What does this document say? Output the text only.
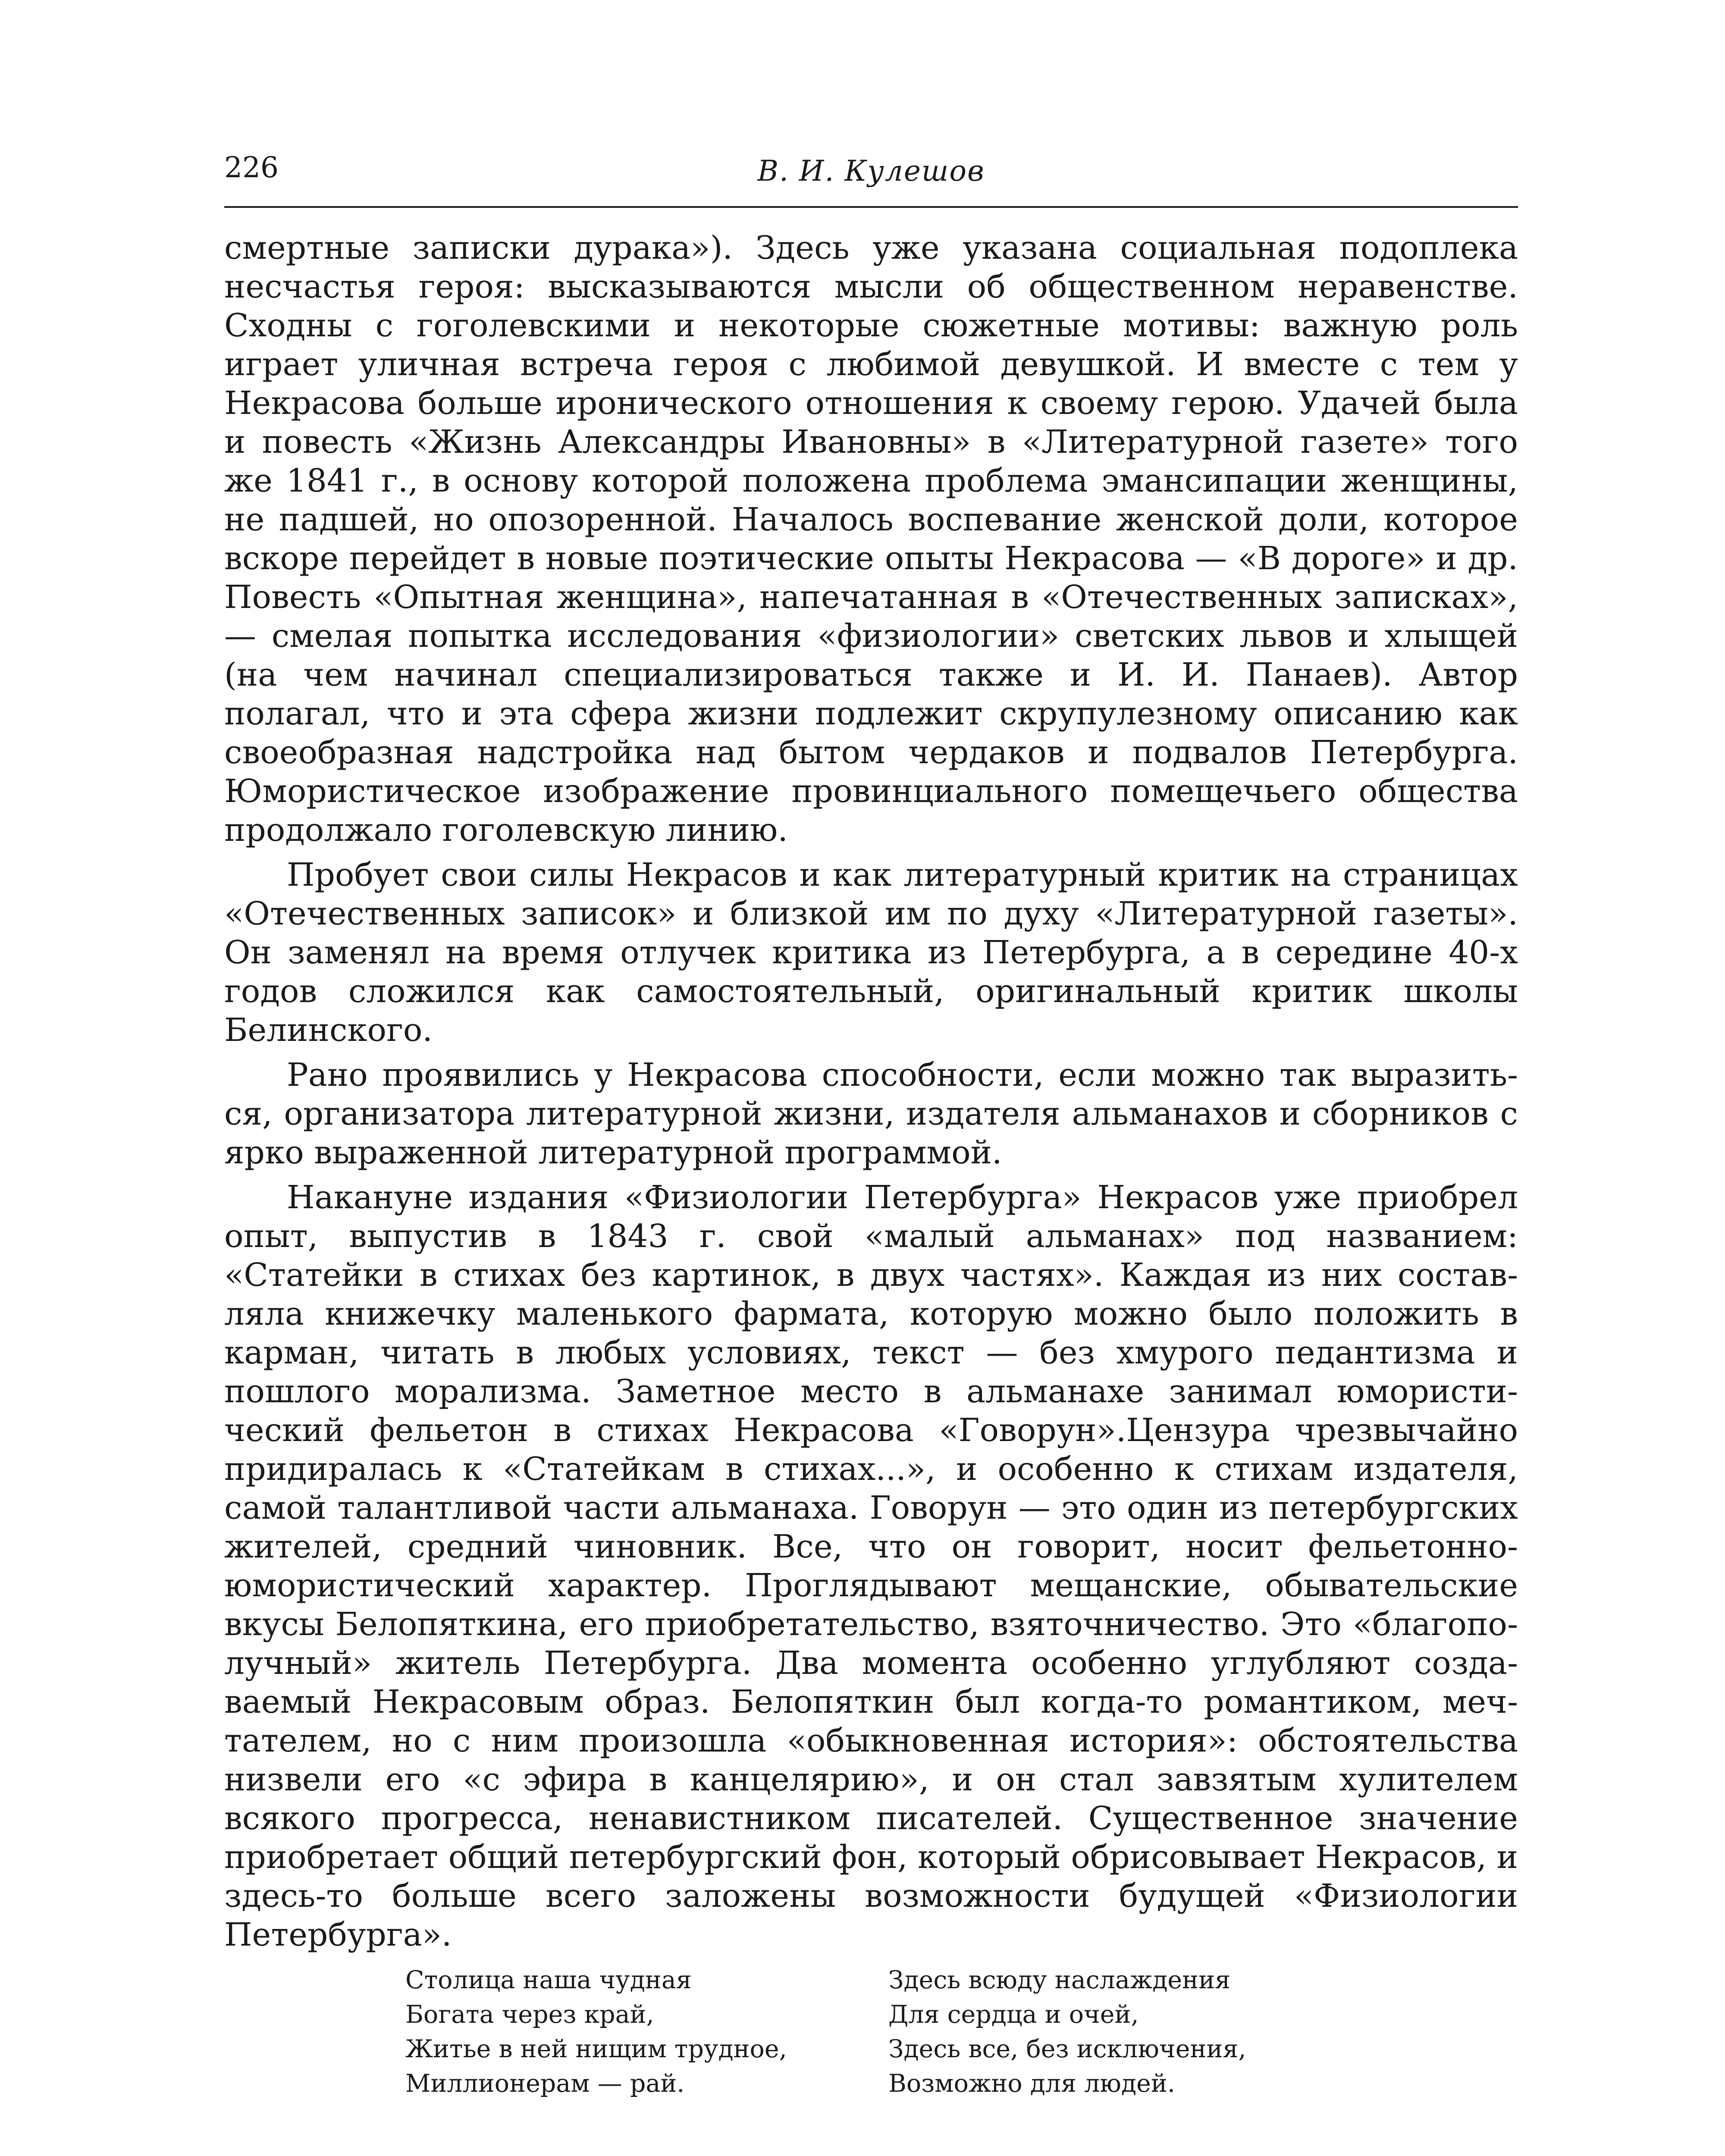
226	В. И. Кулешов

смертные записки дурака»). Здесь уже указана социальная подоплека несчастья героя: высказываются мысли об общественном неравенстве. Сходны с гоголевскими и некоторые сюжетные мотивы: важную роль играет уличная встреча героя с любимой девушкой. И вместе с тем у Некрасова больше иронического отношения к своему герою. Удачей была и повесть «Жизнь Александры Ивановны» в «Литературной газете» того же 1841 г., в основу которой положена проблема эмансипации женщины, не падшей, но опозоренной. Началось воспевание женской доли, которое вскоре перейдет в новые поэтические опыты Некрасова — «В дороге» и др. Повесть «Опытная женщина», напечатанная в «Отечественных записках», — смелая попытка исследования «физиологии» светских львов и хлыщей (на чем начинал специализироваться также и И. И. Панаев). Автор полагал, что и эта сфера жизни подлежит скрупулезному описанию как своеобразная надстройка над бытом чердаков и подвалов Петербурга. Юмористическое изображение провинциального помещечьего общества продолжало гоголевскую линию.

Пробует свои силы Некрасов и как литературный критик на страницах «Отечественных записок» и близкой им по духу «Литературной газеты». Он заменял на время отлучек критика из Петербурга, а в середине 40-х годов сложился как самостоятельный, оригинальный критик школы Белинского.

Рано проявились у Некрасова способности, если можно так выразиться, организатора литературной жизни, издателя альманахов и сборников с ярко выраженной литературной программой.

Накануне издания «Физиологии Петербурга» Некрасов уже приобрел опыт, выпустив в 1843 г. свой «малый альманах» под названием: «Статейки в стихах без картинок, в двух частях». Каждая из них составляла книжечку маленького фармата, которую можно было положить в карман, читать в любых условиях, текст — без хмурого педантизма и пошлого морализма. Заметное место в альманахе занимал юмористический фельетон в стихах Некрасова «Говорун».Цензура чрезвычайно придиралась к «Статейкам в стихах...», и особенно к стихам издателя, самой талантливой части альманаха. Говорун — это один из петербургских жителей, средний чиновник. Все, что он говорит, носит фельетонно-юмористический характер. Проглядывают мещанские, обывательские вкусы Белопяткина, его приобретательство, взяточничество. Это «благополучный» житель Петербурга. Два момента особенно углубляют создаваемый Некрасовым образ. Белопяткин был когда-то романтиком, мечтателем, но с ним произошла «обыкновенная история»: обстоятельства низвели его «с эфира в канцелярию», и он стал завзятым хулителем всякого прогресса, ненавистником писателей. Существенное значение приобретает общий петербургский фон, который обрисовывает Некрасов, и здесь-то больше всего заложены возможности будущей «Физиологии Петербурга».

Столица наша чудная
Богата через край,
Житье в ней нищим трудное,
Миллионерам — рай.
Здесь всюду наслаждения
Для сердца и очей,
Здесь все, без исключения,
Возможно для людей.
